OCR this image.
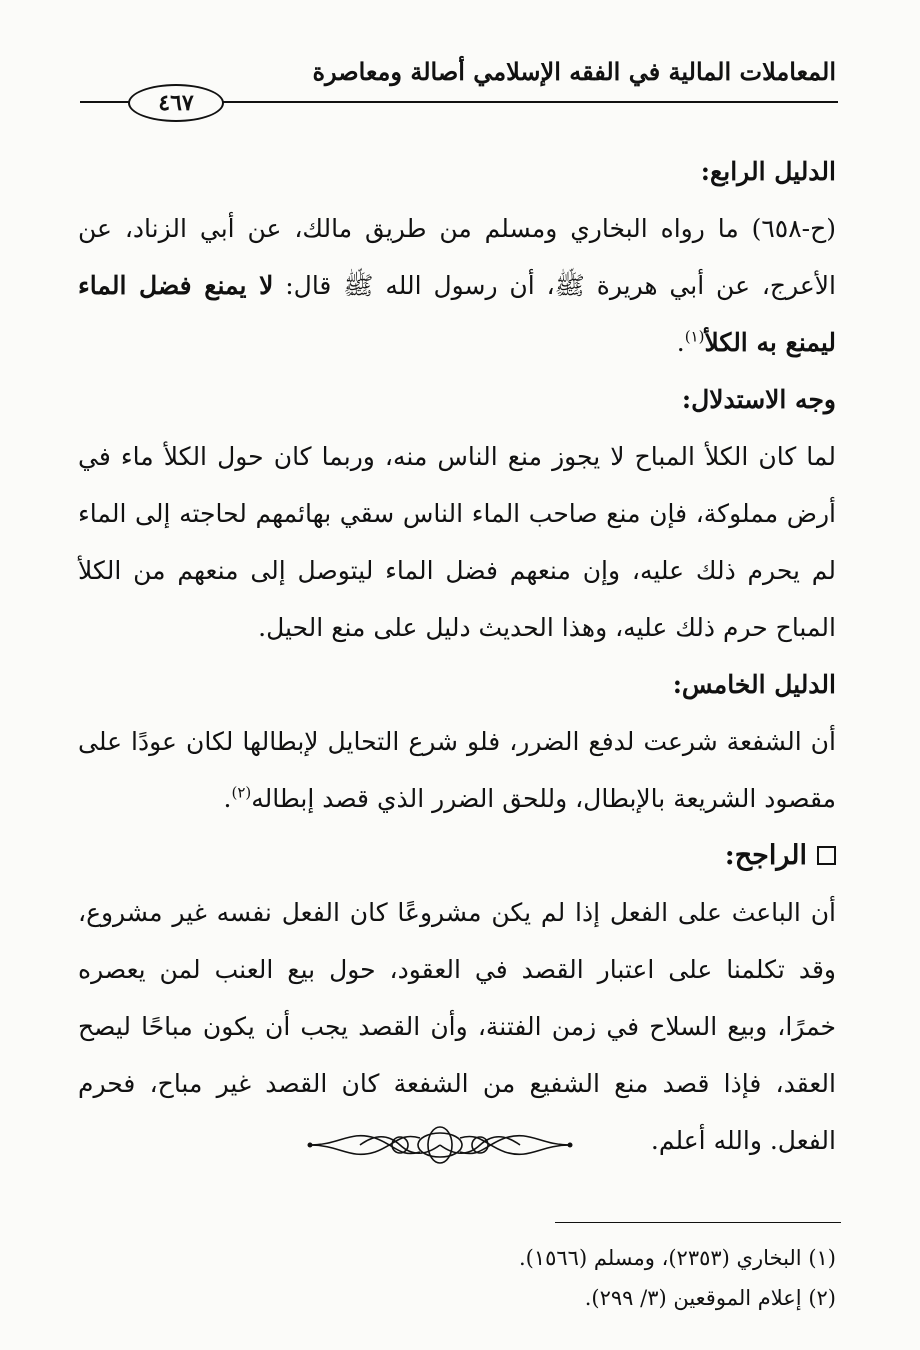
المعاملات المالية في الفقه الإسلامي أصالة ومعاصرة
٤٦٧

الدليل الرابع:

(ح-٦٥٨) ما رواه البخاري ومسلم من طريق مالك، عن أبي الزناد، عن الأعرج، عن أبي هريرة ﷺ، أن رسول الله ﷺ قال: لا يمنع فضل الماء ليمنع به الكلأ$^{(١)}$.

وجه الاستدلال:

لما كان الكلأ المباح لا يجوز منع الناس منه، وربما كان حول الكلأ ماء في أرض مملوكة، فإن منع صاحب الماء الناس سقي بهائمهم لحاجته إلى الماء لم يحرم ذلك عليه، وإن منعهم فضل الماء ليتوصل إلى منعهم من الكلأ المباح حرم ذلك عليه، وهذا الحديث دليل على منع الحيل.

الدليل الخامس:

أن الشفعة شرعت لدفع الضرر، فلو شرع التحايل لإبطالها لكان عودًا على مقصود الشريعة بالإبطال، وللحق الضرر الذي قصد إبطاله$^{(٢)}$.

الراجح:

أن الباعث على الفعل إذا لم يكن مشروعًا كان الفعل نفسه غير مشروع، وقد تكلمنا على اعتبار القصد في العقود، حول بيع العنب لمن يعصره خمرًا، وبيع السلاح في زمن الفتنة، وأن القصد يجب أن يكون مباحًا ليصح العقد، فإذا قصد منع الشفيع من الشفعة كان القصد غير مباح، فحرم الفعل. والله أعلم.

(١) البخاري (٢٣٥٣)، ومسلم (١٥٦٦).

(٢) إعلام الموقعين (٣/ ٢٩٩).
